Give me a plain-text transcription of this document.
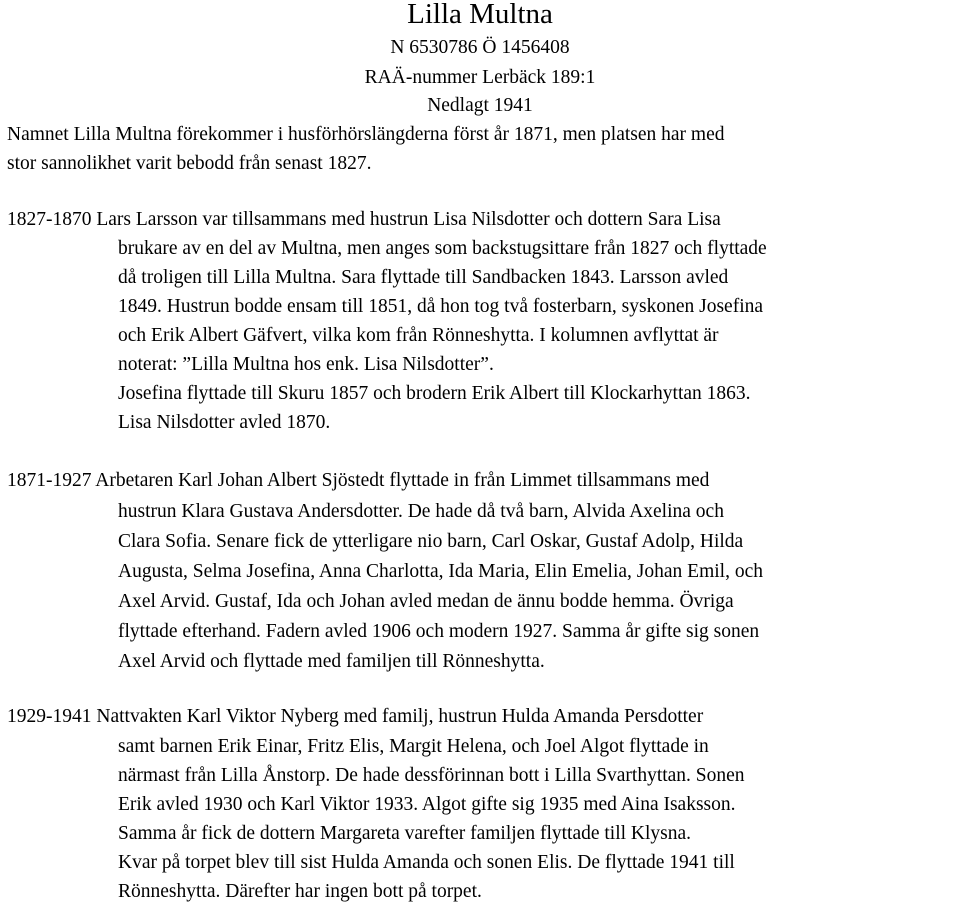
Lilla Multna
N 6530786 Ö 1456408
RAÄ-nummer Lerbäck 189:1
Nedlagt 1941
Namnet Lilla Multna förekommer i husförhörslängderna först år 1871, men platsen har med
stor sannolikhet varit bebodd från senast 1827.
1827-1870 Lars Larsson var tillsammans med hustrun Lisa Nilsdotter och dottern Sara Lisa
brukare av en del av Multna, men anges som backstugsittare från 1827 och flyttade
då troligen till Lilla Multna. Sara flyttade till Sandbacken 1843. Larsson avled
1849. Hustrun bodde ensam till 1851, då hon tog två fosterbarn, syskonen Josefina
och Erik Albert Gäfvert, vilka kom från Rönneshytta. I kolumnen avflyttat är
noterat: ”Lilla Multna hos enk. Lisa Nilsdotter”.
Josefina flyttade till Skuru 1857 och brodern Erik Albert till Klockarhyttan 1863.
Lisa Nilsdotter avled 1870.
1871-1927 Arbetaren Karl Johan Albert Sjöstedt flyttade in från Limmet tillsammans med
hustrun Klara Gustava Andersdotter. De hade då två barn, Alvida Axelina och
Clara Sofia. Senare fick de ytterligare nio barn, Carl Oskar, Gustaf Adolp, Hilda
Augusta, Selma Josefina, Anna Charlotta, Ida Maria, Elin Emelia, Johan Emil, och
Axel Arvid. Gustaf, Ida och Johan avled medan de ännu bodde hemma. Övriga
flyttade efterhand. Fadern avled 1906 och modern 1927. Samma år gifte sig sonen
Axel Arvid och flyttade med familjen till Rönneshytta.
1929-1941 Nattvakten Karl Viktor Nyberg med familj, hustrun Hulda Amanda Persdotter
samt barnen Erik Einar, Fritz Elis, Margit Helena, och Joel Algot flyttade in
närmast från Lilla Ånstorp. De hade dessförinnan bott i Lilla Svarthyttan. Sonen
Erik avled 1930 och Karl Viktor 1933. Algot gifte sig 1935 med Aina Isaksson.
Samma år fick de dottern Margareta varefter familjen flyttade till Klysna.
Kvar på torpet blev till sist Hulda Amanda och sonen Elis. De flyttade 1941 till
Rönneshytta. Därefter har ingen bott på torpet.
